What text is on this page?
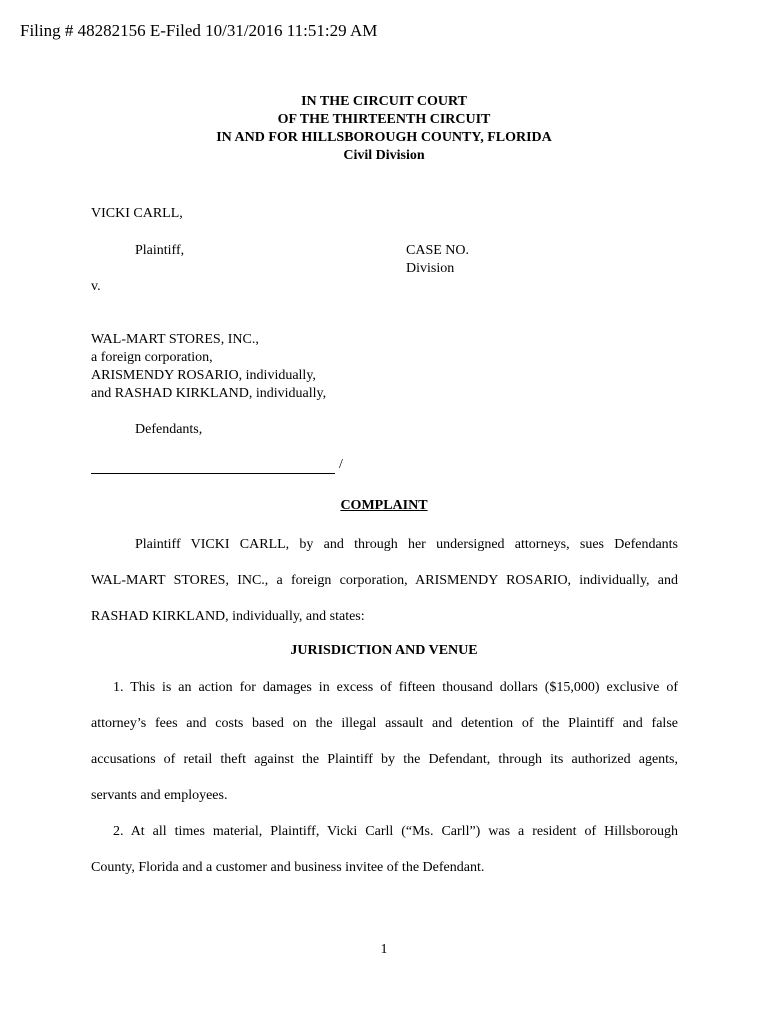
Filing # 48282156 E-Filed 10/31/2016 11:51:29 AM
IN THE CIRCUIT COURT
OF THE THIRTEENTH CIRCUIT
IN AND FOR HILLSBOROUGH COUNTY, FLORIDA
Civil Division
VICKI CARLL,
Plaintiff,	CASE NO.
Division
v.
WAL-MART STORES, INC.,
a foreign corporation,
ARISMENDY ROSARIO, individually,
and RASHAD KIRKLAND, individually,
Defendants,
/
COMPLAINT
Plaintiff VICKI CARLL, by and through her undersigned attorneys, sues Defendants
WAL-MART STORES, INC., a foreign corporation, ARISMENDY ROSARIO, individually, and
RASHAD KIRKLAND, individually, and states:
JURISDICTION AND VENUE
1. This is an action for damages in excess of fifteen thousand dollars ($15,000) exclusive of
attorney’s fees and costs based on the illegal assault and detention of the Plaintiff and false
accusations of retail theft against the Plaintiff by the Defendant, through its authorized agents,
servants and employees.
2. At all times material, Plaintiff, Vicki Carll (“Ms. Carll”) was a resident of Hillsborough
County, Florida and a customer and business invitee of the Defendant.
1
